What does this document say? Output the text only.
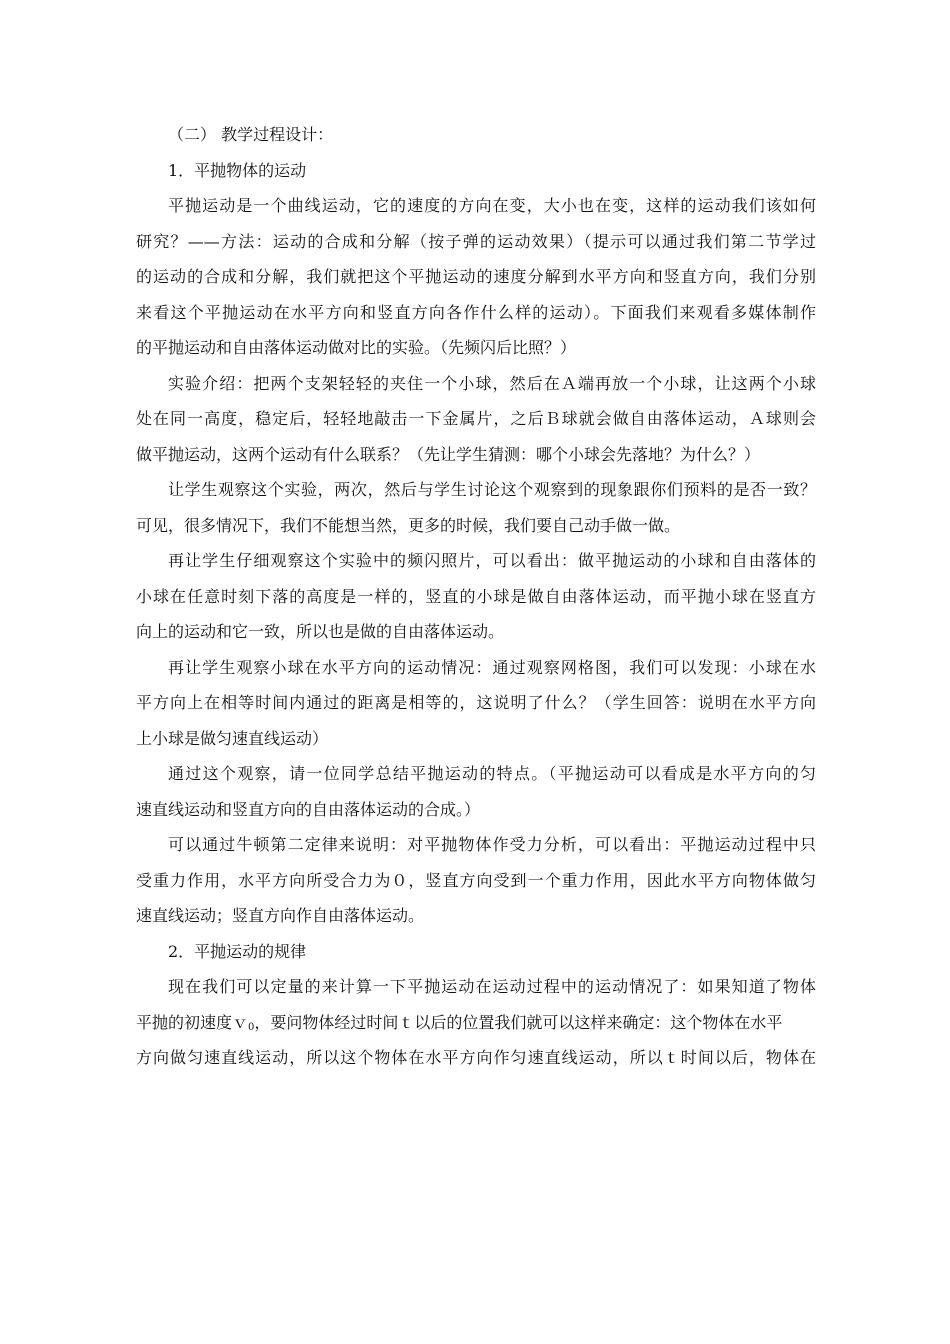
（二） 教学过程设计：
1．平抛物体的运动
平抛运动是一个曲线运动，它的速度的方向在变，大小也在变，这样的运动我们该如何
研究？——方法：运动的合成和分解（按子弹的运动效果）（提示可以通过我们第二节学过
的运动的合成和分解，我们就把这个平抛运动的速度分解到水平方向和竖直方向，我们分别
来看这个平抛运动在水平方向和竖直方向各作什么样的运动）。下面我们来观看多媒体制作
的平抛运动和自由落体运动做对比的实验。（先频闪后比照？）
实验介绍：把两个支架轻轻的夹住一个小球，然后在Ａ端再放一个小球，让这两个小球
处在同一高度，稳定后，轻轻地敲击一下金属片，之后Ｂ球就会做自由落体运动，Ａ球则会
做平抛运动，这两个运动有什么联系？（先让学生猜测：哪个小球会先落地？为什么？）
让学生观察这个实验，两次，然后与学生讨论这个观察到的现象跟你们预料的是否一致？
可见，很多情况下，我们不能想当然，更多的时候，我们要自己动手做一做。
再让学生仔细观察这个实验中的频闪照片，可以看出：做平抛运动的小球和自由落体的
小球在任意时刻下落的高度是一样的，竖直的小球是做自由落体运动，而平抛小球在竖直方
向上的运动和它一致，所以也是做的自由落体运动。
再让学生观察小球在水平方向的运动情况：通过观察网格图，我们可以发现：小球在水
平方向上在相等时间内通过的距离是相等的，这说明了什么？（学生回答：说明在水平方向
上小球是做匀速直线运动）
通过这个观察，请一位同学总结平抛运动的特点。（平抛运动可以看成是水平方向的匀
速直线运动和竖直方向的自由落体运动的合成。）
可以通过牛顿第二定律来说明：对平抛物体作受力分析，可以看出：平抛运动过程中只
受重力作用，水平方向所受合力为０，竖直方向受到一个重力作用，因此水平方向物体做匀
速直线运动；竖直方向作自由落体运动。
2．平抛运动的规律
现在我们可以定量的来计算一下平抛运动在运动过程中的运动情况了：如果知道了物体
平抛的初速度ｖ$_0$，要问物体经过时间ｔ以后的位置我们就可以这样来确定：这个物体在水平
方向做匀速直线运动，所以这个物体在水平方向作匀速直线运动，所以ｔ时间以后，物体在
